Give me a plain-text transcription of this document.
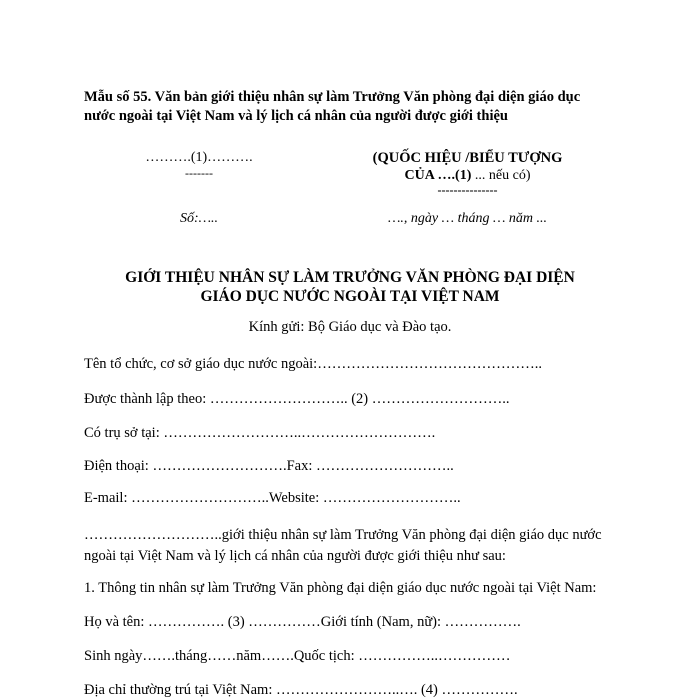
Mẫu số 55. Văn bản giới thiệu nhân sự làm Trưởng Văn phòng đại diện giáo dục
nước ngoài tại Việt Nam và lý lịch cá nhân của người được giới thiệu
……….(1)……….
-------
Số:…..
(QUỐC HIỆU /BIỂU TƯỢNG
CỦA ….(1) ... nếu có)
---------------
…., ngày … tháng … năm ...
GIỚI THIỆU NHÂN SỰ LÀM TRƯỞNG VĂN PHÒNG ĐẠI DIỆN
GIÁO DỤC NƯỚC NGOÀI TẠI VIỆT NAM
Kính gửi: Bộ Giáo dục và Đào tạo.
Tên tổ chức, cơ sở giáo dục nước ngoài:………………………………………..
Được thành lập theo: ……………………….. (2) ………………………..
Có trụ sở tại: ………………………..……………………….
Điện thoại: ……………………….Fax: ………………………..
E-mail: ………………………..Website: ………………………..
………………………..giới thiệu nhân sự làm Trưởng Văn phòng đại diện giáo dục nước ngoài tại Việt Nam và lý lịch cá nhân của người được giới thiệu như sau:
1. Thông tin nhân sự làm Trưởng Văn phòng đại diện giáo dục nước ngoài tại Việt Nam:
Họ và tên: ……………. (3) ……………Giới tính (Nam, nữ): …………….
Sinh ngày…….tháng……năm…….Quốc tịch: ……………..……………
Địa chỉ thường trú tại Việt Nam: ……………………..…. (4) …………….
